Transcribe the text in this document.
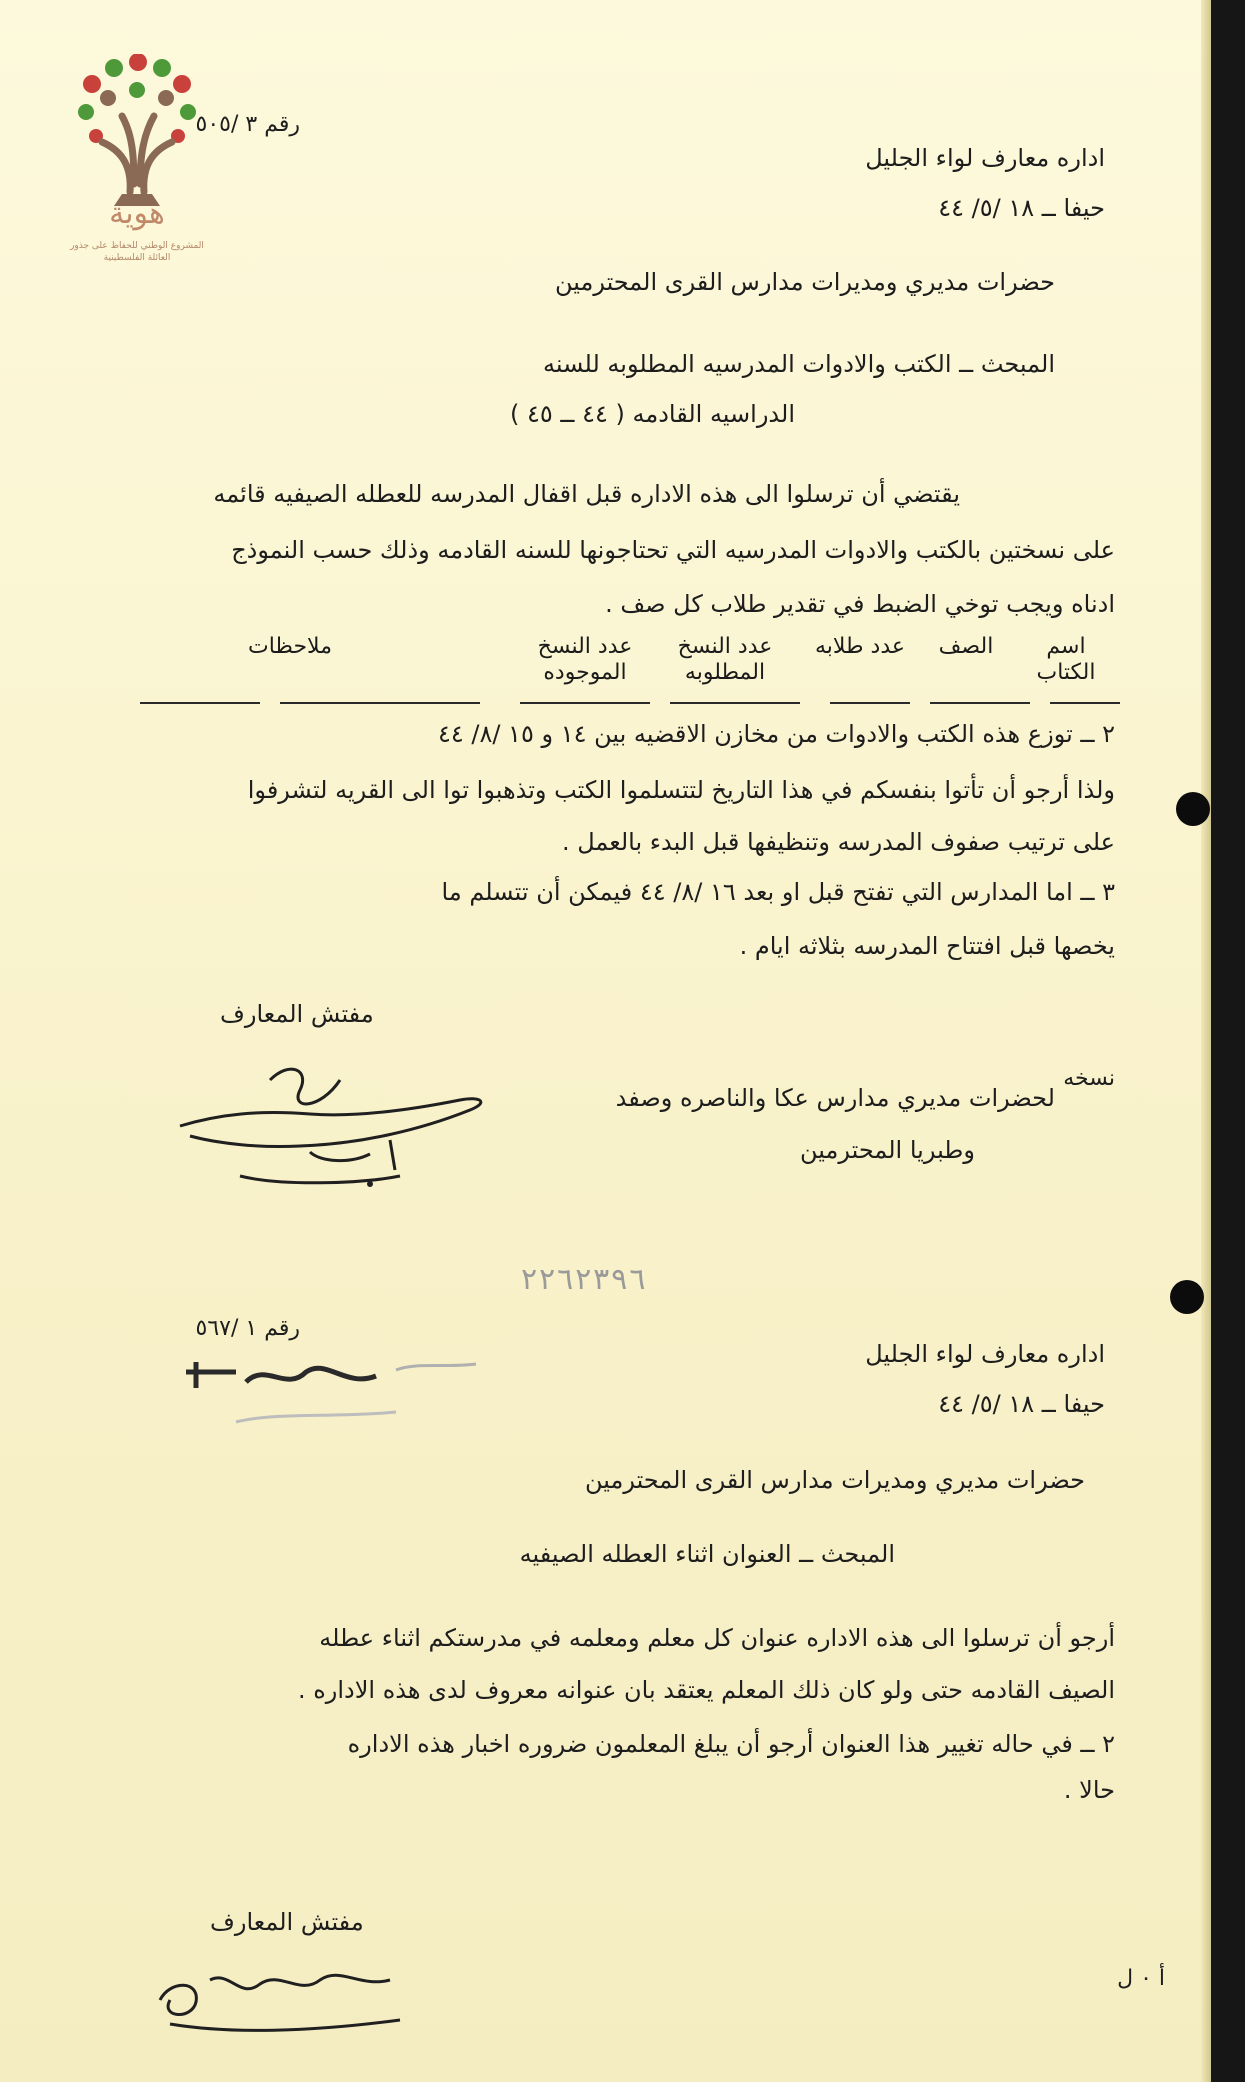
هوية
المشروع الوطني للحفاظ على جذور العائلة الفلسطينية
رقم ٣ /٥٠٥
اداره معارف لواء الجليل
حيفا ــ ١٨ /٥/ ٤٤
حضرات مديري ومديرات مدارس القرى المحترمين
المبحث ــ الكتب والادوات المدرسيه المطلوبه للسنه
الدراسيه القادمه ( ٤٤ ــ ٤٥ )
يقتضي أن ترسلوا الى هذه الاداره قبل اقفال المدرسه للعطله الصيفيه قائمه
على نسختين بالكتب والادوات المدرسيه التي تحتاجونها للسنه القادمه وذلك حسب النموذج
ادناه ويجب توخي الضبط في تقدير طلاب كل صف .
اسم الكتاب
الصف
عدد طلابه
عدد النسخ المطلوبه
عدد النسخ الموجوده
ملاحظات
٢ ــ توزع هذه الكتب والادوات من مخازن الاقضيه بين ١٤ و ١٥ /٨/ ٤٤
ولذا أرجو أن تأتوا بنفسكم في هذا التاريخ لتتسلموا الكتب وتذهبوا توا الى القريه لتشرفوا
على ترتيب صفوف المدرسه وتنظيفها قبل البدء بالعمل .
٣ ــ اما المدارس التي تفتح قبل او بعد ١٦ /٨/ ٤٤ فيمكن أن تتسلم ما
يخصها قبل افتتاح المدرسه بثلاثه ايام .
مفتش المعارف
نسخه
لحضرات مديري مدارس عكا والناصره وصفد
وطبريا المحترمين
٢٢٦٢٣٩٦
رقم ١ /٥٦٧
اداره معارف لواء الجليل
حيفا ــ ١٨ /٥/ ٤٤
حضرات مديري ومديرات مدارس القرى المحترمين
المبحث ــ العنوان اثناء العطله الصيفيه
أرجو أن ترسلوا الى هذه الاداره عنوان كل معلم ومعلمه في مدرستكم اثناء عطله
الصيف القادمه حتى ولو كان ذلك المعلم يعتقد بان عنوانه معروف لدى هذه الاداره .
٢ ــ في حاله تغيير هذا العنوان أرجو أن يبلغ المعلمون ضروره اخبار هذه الاداره
حالا .
مفتش المعارف
أ ٠ ل
